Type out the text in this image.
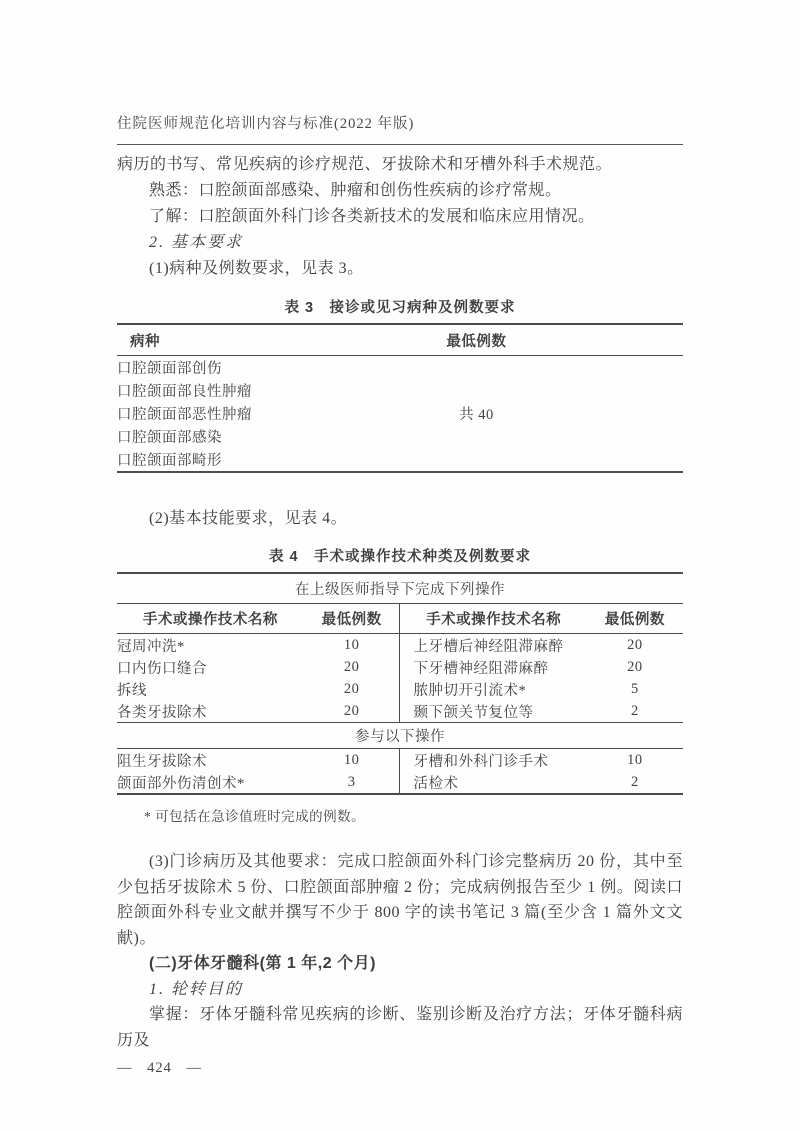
住院医师规范化培训内容与标准(2022 年版)

病历的书写、常见疾病的诊疗规范、牙拔除术和牙槽外科手术规范。

熟悉：口腔颌面部感染、肿瘤和创伤性疾病的诊疗常规。

了解：口腔颌面外科门诊各类新技术的发展和临床应用情况。

2. 基本要求

(1)病种及例数要求，见表 3。

表 3　接诊或见习病种及例数要求

病种	最低例数	
口腔颌面部创伤		
口腔颌面部良性肿瘤		
口腔颌面部恶性肿瘤	共 40	
口腔颌面部感染		
口腔颌面部畸形		

(2)基本技能要求，见表 4。

表 4　手术或操作技术种类及例数要求

在上级医师指导下完成下列操作			
手术或操作技术名称	最低例数	手术或操作技术名称	最低例数
冠周冲洗*	10	上牙槽后神经阻滞麻醉	20
口内伤口缝合	20	下牙槽神经阻滞麻醉	20
拆线	20	脓肿切开引流术*	5
各类牙拔除术	20	颞下颌关节复位等	2
参与以下操作			
阻生牙拔除术	10	牙槽和外科门诊手术	10
颌面部外伤清创术*	3	活检术	2

* 可包括在急诊值班时完成的例数。

(3)门诊病历及其他要求：完成口腔颌面外科门诊完整病历 20 份，其中至少包括牙拔除术 5 份、口腔颌面部肿瘤 2 份；完成病例报告至少 1 例。阅读口腔颌面外科专业文献并撰写不少于 800 字的读书笔记 3 篇(至少含 1 篇外文文献)。

(二)牙体牙髓科(第 1 年,2 个月)

1. 轮转目的

掌握：牙体牙髓科常见疾病的诊断、鉴别诊断及治疗方法；牙体牙髓科病历及

— 424 —
